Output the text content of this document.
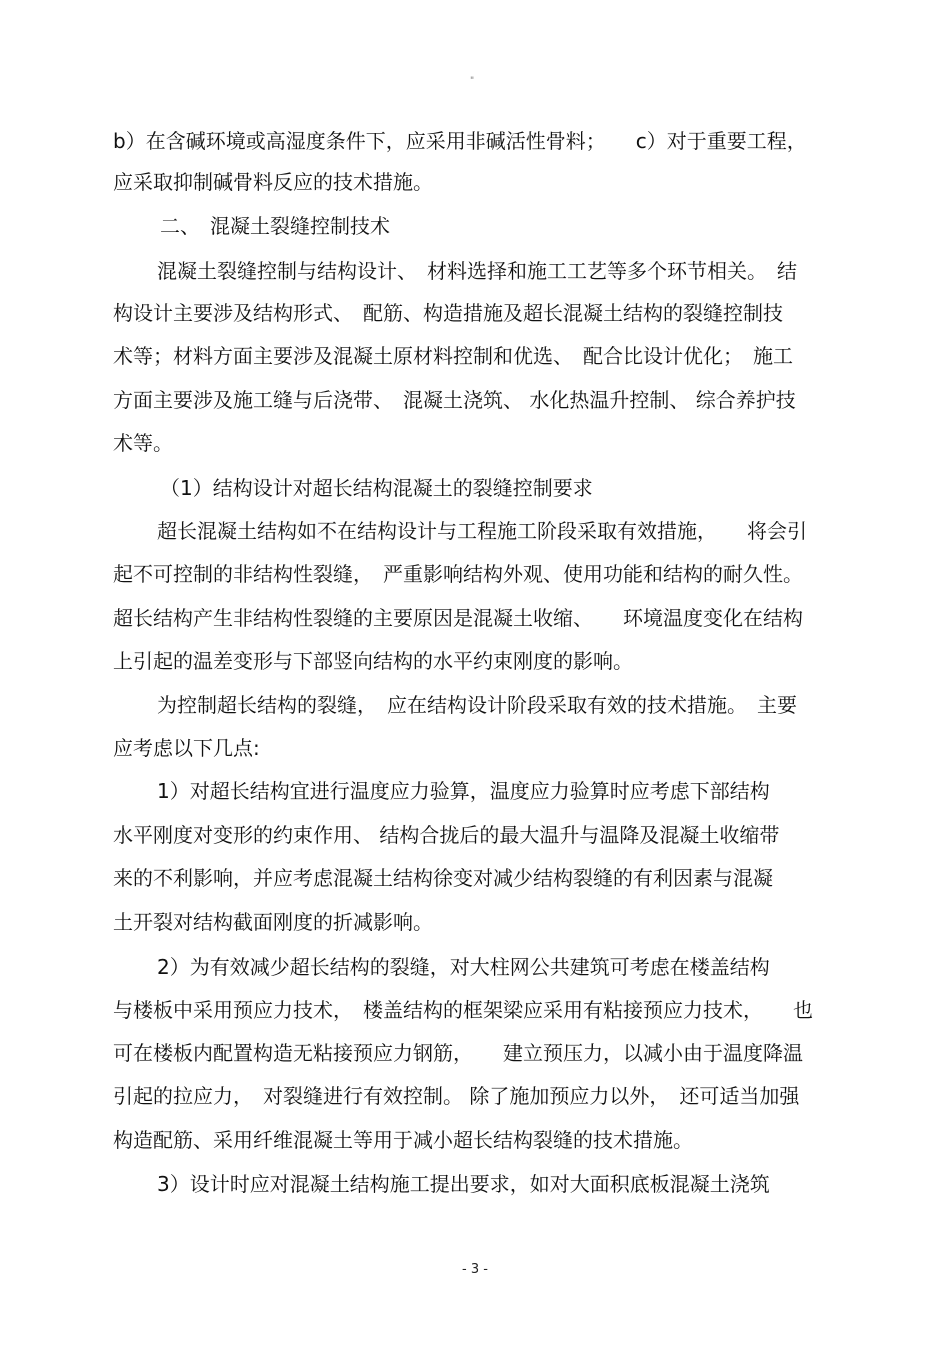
"
b）在含碱环境或高湿度条件下，应采用非碱活性骨料；　　c）对于重要工程，
应采取抑制碱骨料反应的技术措施。
二、　混凝土裂缝控制技术
混凝土裂缝控制与结构设计、　材料选择和施工工艺等多个环节相关。　结
构设计主要涉及结构形式、　配筋、构造措施及超长混凝土结构的裂缝控制技
术等；材料方面主要涉及混凝土原材料控制和优选、　配合比设计优化；　施工
方面主要涉及施工缝与后浇带、　混凝土浇筑、 水化热温升控制、 综合养护技
术等。
（1）结构设计对超长结构混凝土的裂缝控制要求
超长混凝土结构如不在结构设计与工程施工阶段采取有效措施，　　将会引
起不可控制的非结构性裂缝，　严重影响结构外观、使用功能和结构的耐久性。
超长结构产生非结构性裂缝的主要原因是混凝土收缩、　　环境温度变化在结构
上引起的温差变形与下部竖向结构的水平约束刚度的影响。
为控制超长结构的裂缝，　应在结构设计阶段采取有效的技术措施。　主要
应考虑以下几点:
1）对超长结构宜进行温度应力验算，温度应力验算时应考虑下部结构
水平刚度对变形的约束作用、 结构合拢后的最大温升与温降及混凝土收缩带
来的不利影响，并应考虑混凝土结构徐变对减少结构裂缝的有利因素与混凝
土开裂对结构截面刚度的折减影响。
2）为有效减少超长结构的裂缝，对大柱网公共建筑可考虑在楼盖结构
与楼板中采用预应力技术，　楼盖结构的框架梁应采用有粘接预应力技术，　　也
可在楼板内配置构造无粘接预应力钢筋，　　建立预压力，以减小由于温度降温
引起的拉应力，　对裂缝进行有效控制。 除了施加预应力以外，　还可适当加强
构造配筋、采用纤维混凝土等用于减小超长结构裂缝的技术措施。
3）设计时应对混凝土结构施工提出要求，如对大面积底板混凝土浇筑
- 3 -
